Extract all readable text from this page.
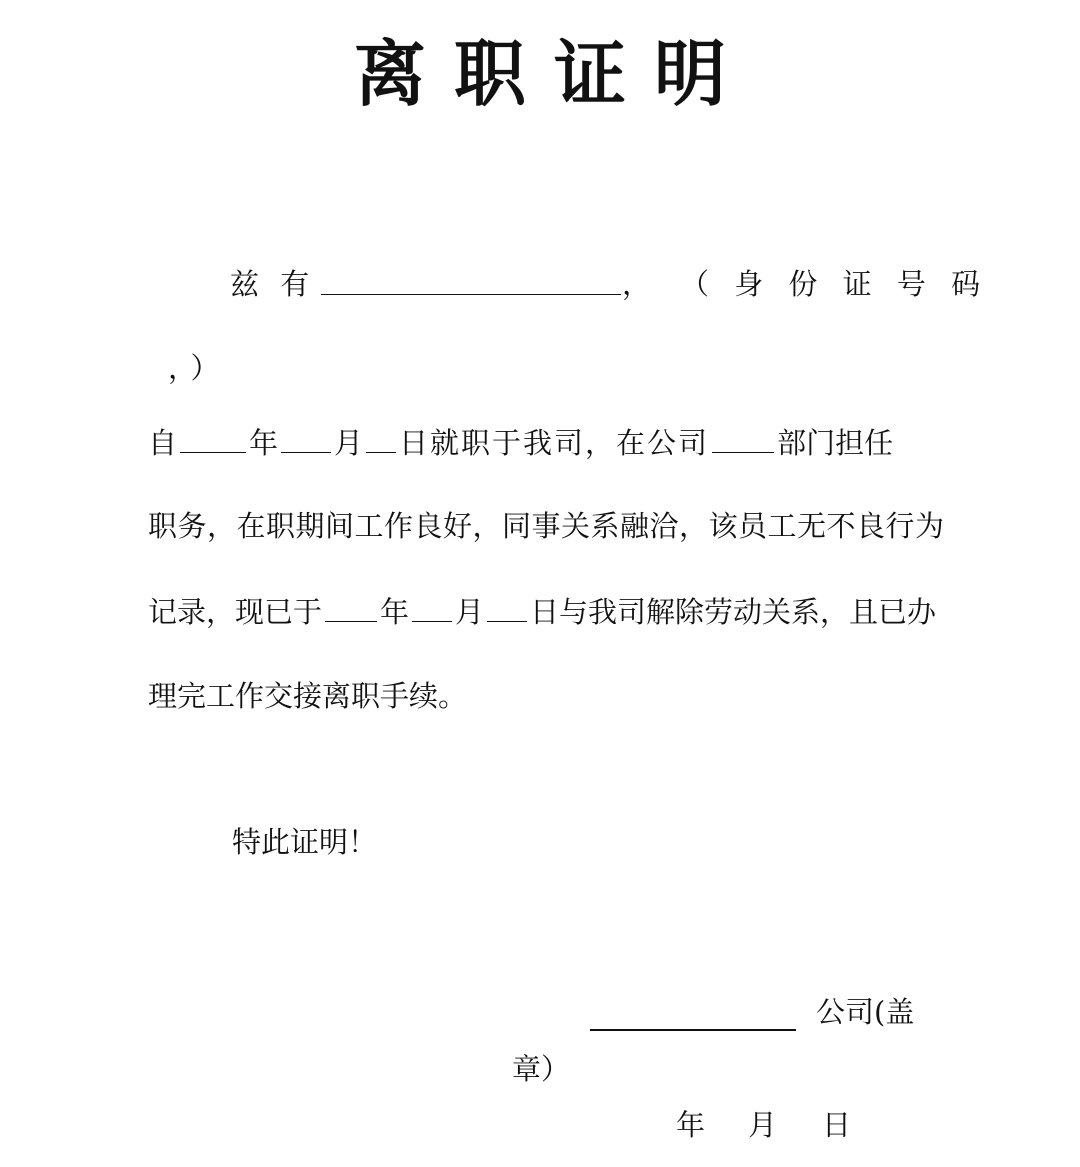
离职证明
兹 有	， （ 身 份 证 号 码
，）
自 年 月 日就职于我司，在公司 部门担任
职务，在职期间工作良好，同事关系融洽，该员工无不良行为
记录，现已于 年 月 日与我司解除劳动关系，且已办
理完工作交接离职手续。
特此证明！
公司(盖
章）
年 月 日
